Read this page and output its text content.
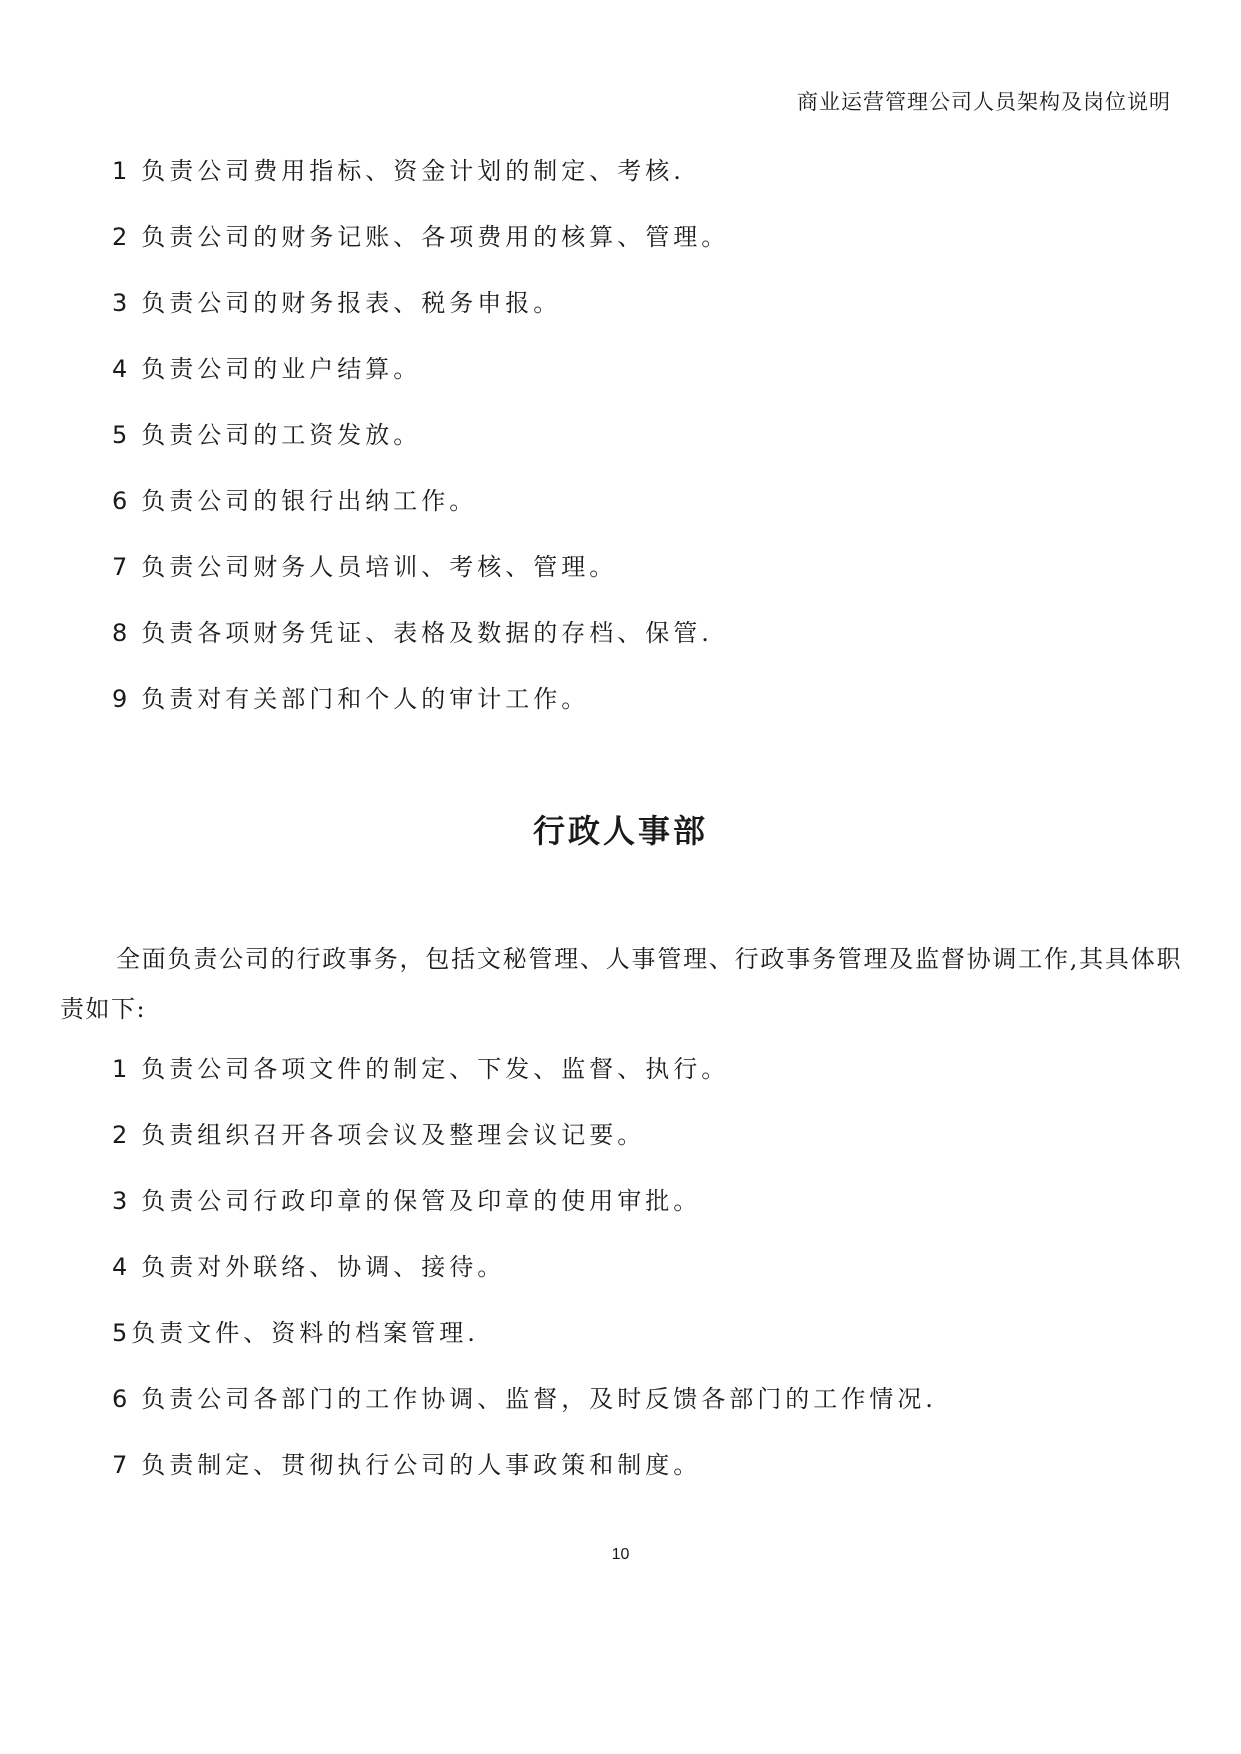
商业运营管理公司人员架构及岗位说明
1 负责公司费用指标、资金计划的制定、考核.
2 负责公司的财务记账、各项费用的核算、管理。
3 负责公司的财务报表、税务申报。
4 负责公司的业户结算。
5 负责公司的工资发放。
6 负责公司的银行出纳工作。
7 负责公司财务人员培训、考核、管理。
8 负责各项财务凭证、表格及数据的存档、保管.
9 负责对有关部门和个人的审计工作。
行政人事部
全面负责公司的行政事务，包括文秘管理、人事管理、行政事务管理及监督协调工作,其具体职责如下:
1 负责公司各项文件的制定、下发、监督、执行。
2 负责组织召开各项会议及整理会议记要。
3 负责公司行政印章的保管及印章的使用审批。
4 负责对外联络、协调、接待。
5 负责文件、资料的档案管理.
6 负责公司各部门的工作协调、监督，及时反馈各部门的工作情况.
7 负责制定、贯彻执行公司的人事政策和制度。
10
